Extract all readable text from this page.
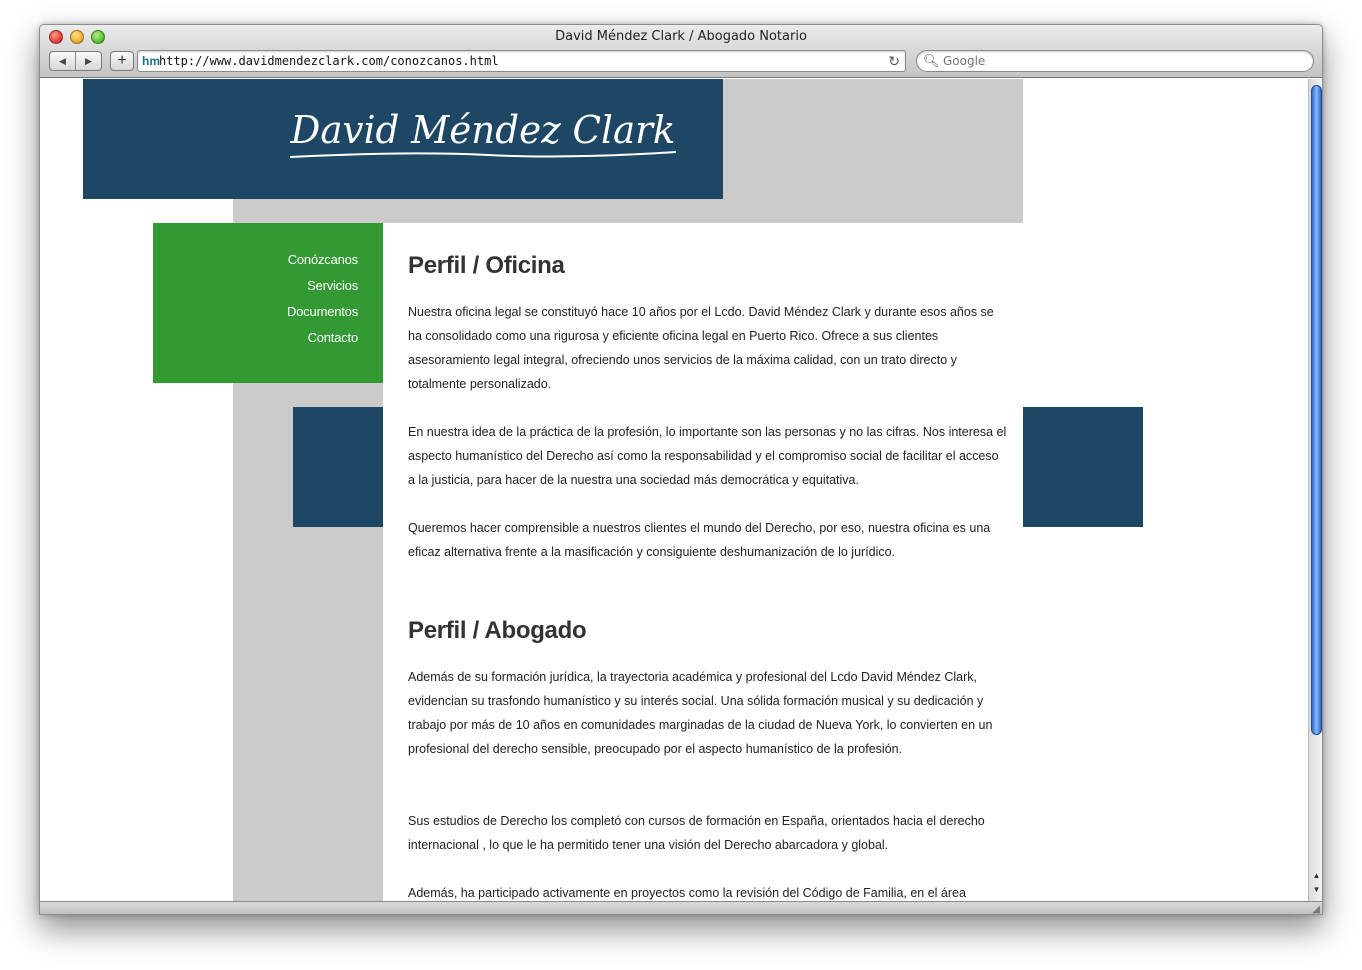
David Méndez Clark / Abogado Notario
◀	▶	+	hm http://www.davidmendezclark.com/conozcanos.html	↻ 🔍︎
Google
David Méndez Clark
Conózcanos
Servicios
Documentos
Contacto
Perfil / Oficina

Nuestra oficina legal se constituyó hace 10 años por el Lcdo. David Méndez Clark y durante esos años se ha consolidado como una rigurosa y eficiente oficina legal en Puerto Rico. Ofrece a sus clientes asesoramiento legal integral, ofreciendo unos servicios de la máxima calidad, con un trato directo y totalmente personalizado.

En nuestra idea de la práctica de la profesión, lo importante son las personas y no las cifras. Nos interesa el aspecto humanístico del Derecho así como la responsabilidad y el compromiso social de facilitar el acceso a la justicia, para hacer de la nuestra una sociedad más democrática y equitativa.

Queremos hacer comprensible a nuestros clientes el mundo del Derecho, por eso, nuestra oficina es una eficaz alternativa frente a la masificación y consiguiente deshumanización de lo jurídico.

Perfil / Abogado

Además de su formación jurídica, la trayectoria académica y profesional del Lcdo David Méndez Clark, evidencian su trasfondo humanístico y su interés social. Una sólida formación musical y su dedicación y trabajo por más de 10 años en comunidades marginadas de la ciudad de Nueva York, lo convierten en un profesional del derecho sensible, preocupado por el aspecto humanístico de la profesión.

Sus estudios de Derecho los completó con cursos de formación en España, orientados hacia el derecho internacional , lo que le ha permitido tener una visión del Derecho abarcadora y global.

Además, ha participado activamente en proyectos como la revisión del Código de Familia, en el área

▲
▼
◢
